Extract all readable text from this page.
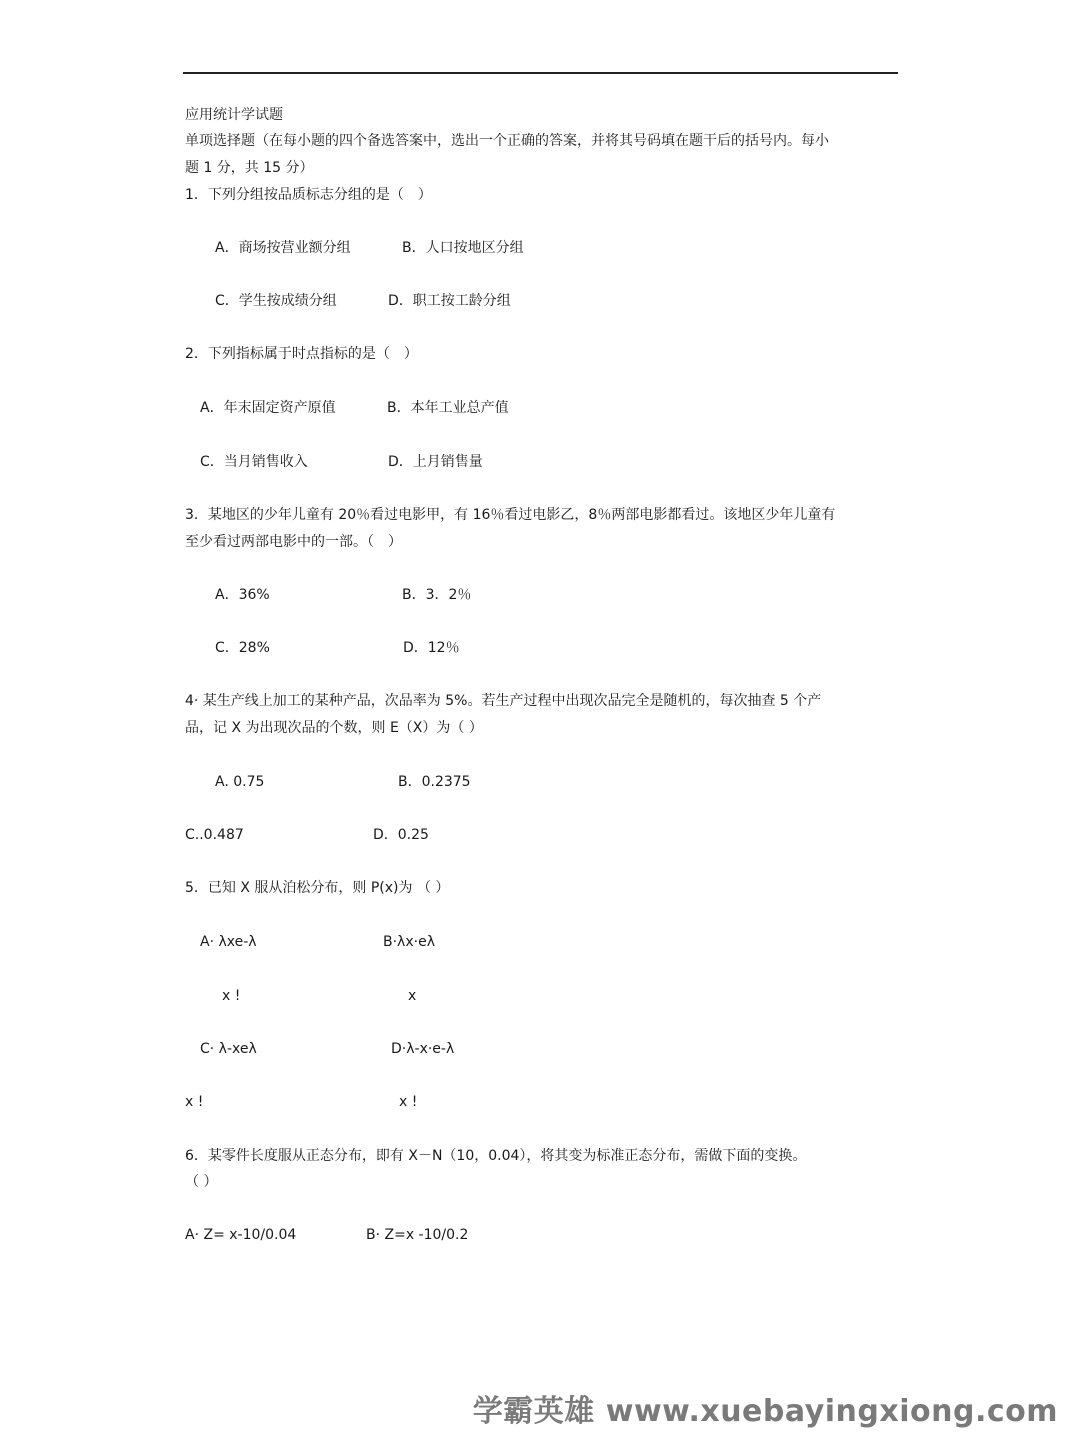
应用统计学试题
单项选择题（在每小题的四个备选答案中，选出一个正确的答案，并将其号码填在题干后的括号内。每小
题 1 分，共 15 分）
1．下列分组按品质标志分组的是（　）
A．商场按营业额分组	B．人口按地区分组
C．学生按成绩分组	D．职工按工龄分组
2．下列指标属于时点指标的是（　）
A．年末固定资产原值	B．本年工业总产值
C．当月销售收入	D．上月销售量
3．某地区的少年儿童有 20％看过电影甲，有 16％看过电影乙，8％两部电影都看过。该地区少年儿童有
至少看过两部电影中的一部。（　）
A．36%	B．3．2％
C．28%	D．12％
4· 某生产线上加工的某种产品，次品率为 5%。若生产过程中出现次品完全是随机的，每次抽查 5 个产
品，记 X 为出现次品的个数，则 E（X）为（ ）
A. 0.75	B．0.2375
C..0.487	D．0.25
5．已知 X 服从泊松分布，则 P(x)为 （ ）
A· λxe-λ	B·λx·eλ
x !	x
C· λ-xeλ	D·λ-x·e-λ
x !	x !
6．某零件长度服从正态分布，即有 X－N（10，0.04），将其变为标准正态分布，需做下面的变换。
（ ）
A· Z= x-10/0.04	B· Z=x -10/0.2
学霸英雄 www.xuebayingxiong.com
